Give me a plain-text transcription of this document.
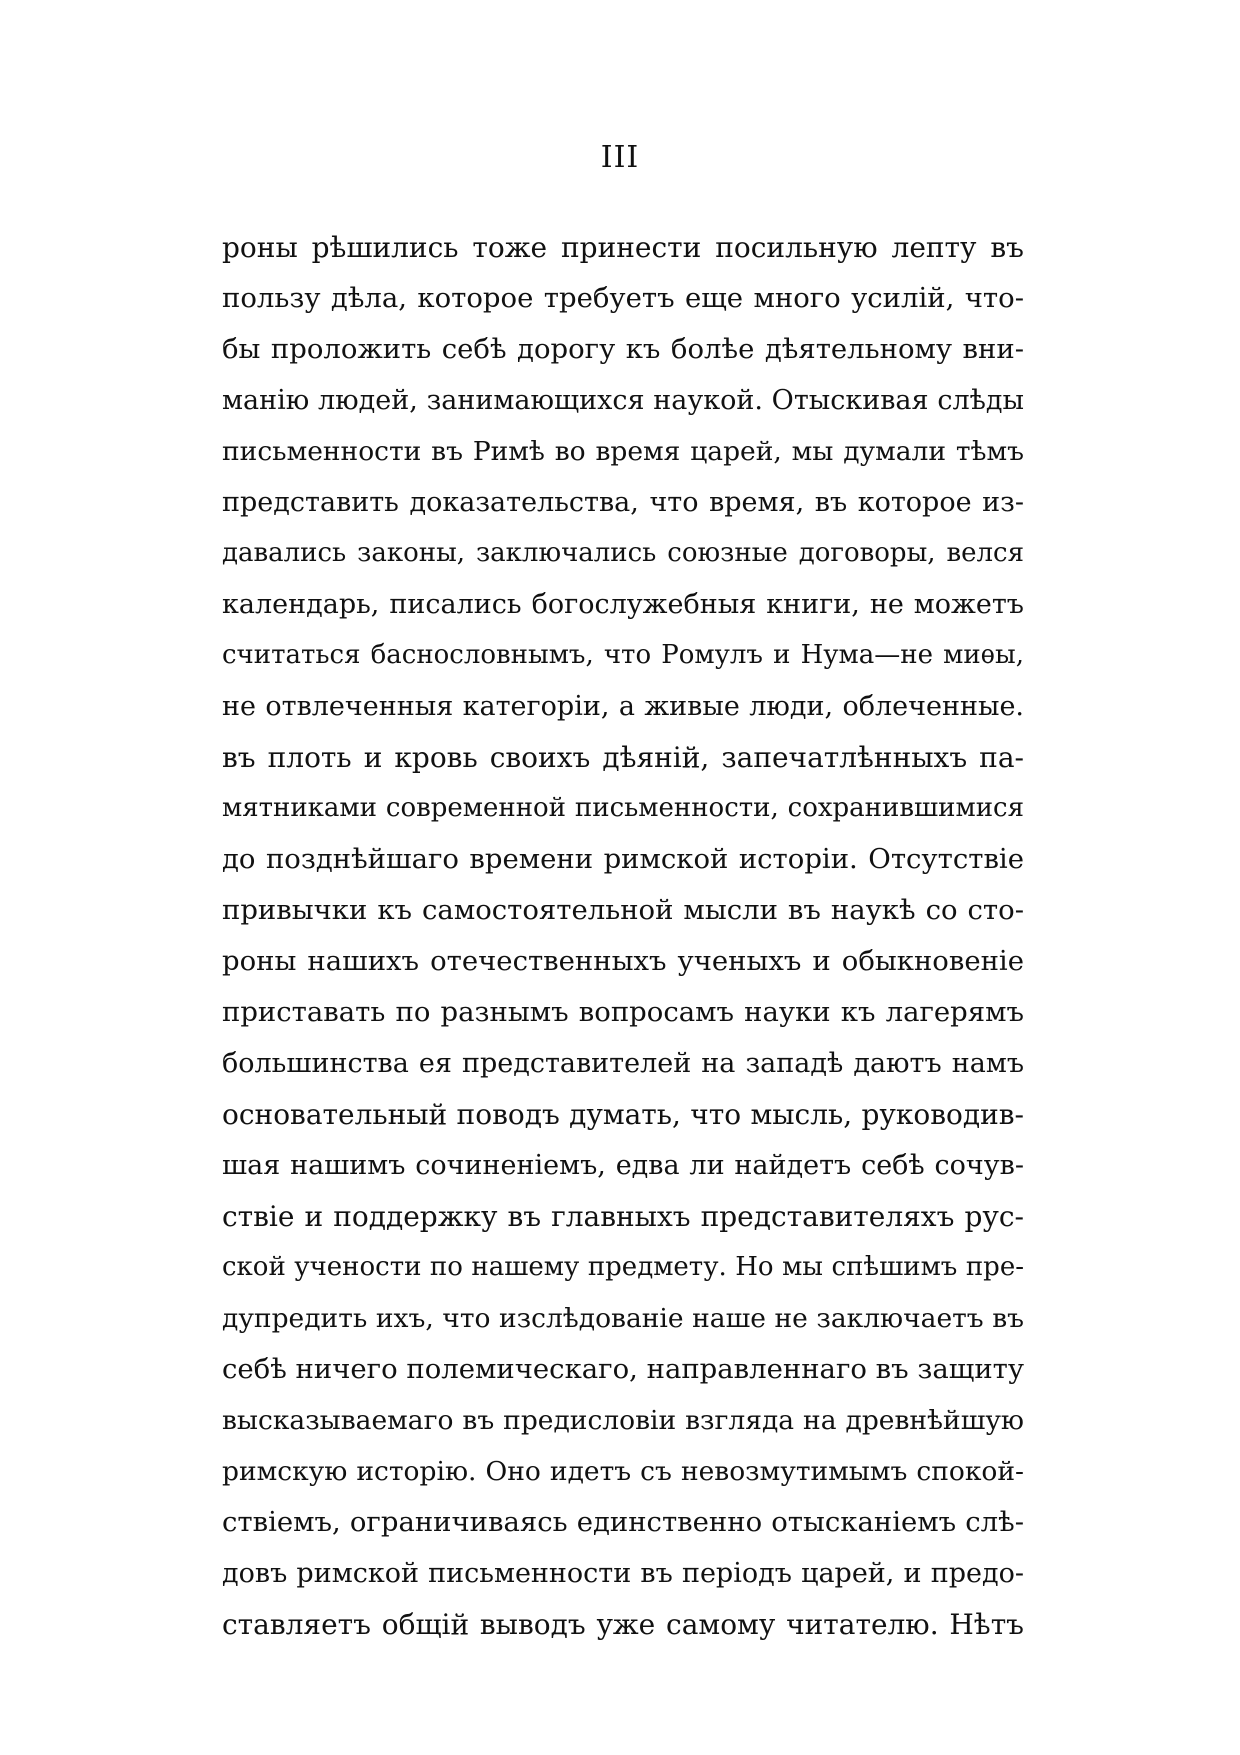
III
роны рѣшились тоже принести посильную лепту въ
пользу дѣла, которое требуетъ еще много усилій, что-
бы проложить себѣ дорогу къ болѣе дѣятельному вни-
манію людей, занимающихся наукой. Отыскивая слѣды
письменности въ Римѣ во время царей, мы думали тѣмъ
представить доказательства, что время, въ которое из-
давались законы, заключались союзные договоры, велся
календарь, писались богослужебныя книги, не можетъ
считаться баснословнымъ, что Ромулъ и Нума—не миѳы,
не отвлеченныя категоріи, а живые люди, облеченные.
въ плоть и кровь своихъ дѣяній, запечатлѣнныхъ па-
мятниками современной письменности, сохранившимися
до позднѣйшаго времени римской исторіи. Отсутствіе
привычки къ самостоятельной мысли въ наукѣ со сто-
роны нашихъ отечественныхъ ученыхъ и обыкновеніе
приставать по разнымъ вопросамъ науки къ лагерямъ
большинства ея представителей на западѣ даютъ намъ
основательный поводъ думать, что мысль, руководив-
шая нашимъ сочиненіемъ, едва ли найдетъ себѣ сочув-
ствіе и поддержку въ главныхъ представителяхъ рус-
ской учености по нашему предмету. Но мы спѣшимъ пре-
дупредить ихъ, что изслѣдованіе наше не заключаетъ въ
себѣ ничего полемическаго, направленнаго въ защиту
высказываемаго въ предисловіи взгляда на древнѣйшую
римскую исторію. Оно идетъ съ невозмутимымъ спокой-
ствіемъ, ограничиваясь единственно отысканіемъ слѣ-
довъ римской письменности въ періодъ царей, и предо-
ставляетъ общій выводъ уже самому читателю. Нѣтъ
